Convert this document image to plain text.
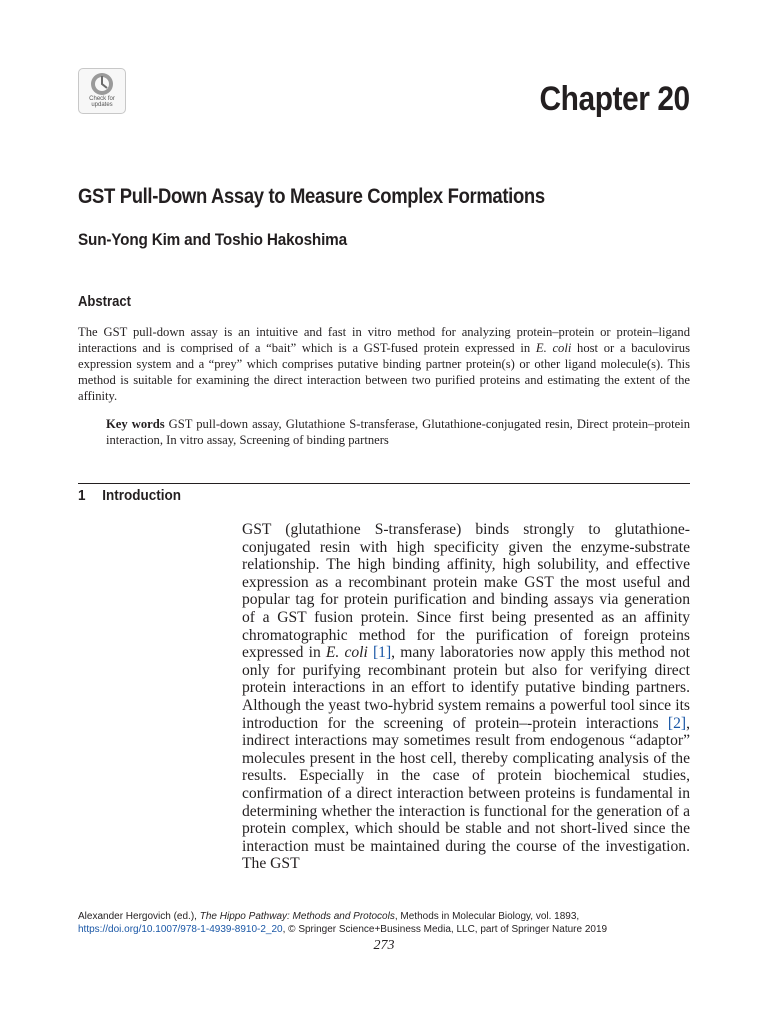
Check for
updates	Chapter 20
GST Pull-Down Assay to Measure Complex Formations
Sun-Yong Kim and Toshio Hakoshima
Abstract

The GST pull-down assay is an intuitive and fast in vitro method for analyzing protein–protein or protein–ligand interactions and is comprised of a “bait” which is a GST-fused protein expressed in E. coli host or a baculovirus expression system and a “prey” which comprises putative binding partner protein(s) or other ligand molecule(s). This method is suitable for examining the direct interaction between two purified proteins and estimating the extent of the affinity.

Key words GST pull-down assay, Glutathione S-transferase, Glutathione-conjugated resin, Direct protein–protein interaction, In vitro assay, Screening of binding partners

1 Introduction

GST (glutathione S-transferase) binds strongly to glutathione-conjugated resin with high specificity given the enzyme-substrate relationship. The high binding affinity, high solubility, and effective expression as a recombinant protein make GST the most useful and popular tag for protein purification and binding assays via generation of a GST fusion protein. Since first being presented as an affinity chromatographic method for the purification of foreign proteins expressed in E. coli [1], many laboratories now apply this method not only for purifying recombinant protein but also for verifying direct protein interactions in an effort to identify putative binding partners. Although the yeast two-hybrid system remains a powerful tool since its introduction for the screening of protein–-protein interactions [2], indirect interactions may sometimes result from endogenous “adaptor” molecules present in the host cell, thereby complicating analysis of the results. Especially in the case of protein biochemical studies, confirmation of a direct interaction between proteins is fundamental in determining whether the interaction is functional for the generation of a protein complex, which should be stable and not short-lived since the interaction must be maintained during the course of the investigation. The GST

Alexander Hergovich (ed.), The Hippo Pathway: Methods and Protocols, Methods in Molecular Biology, vol. 1893,
https://doi.org/10.1007/978-1-4939-8910-2_20, © Springer Science+Business Media, LLC, part of Springer Nature 2019

273
